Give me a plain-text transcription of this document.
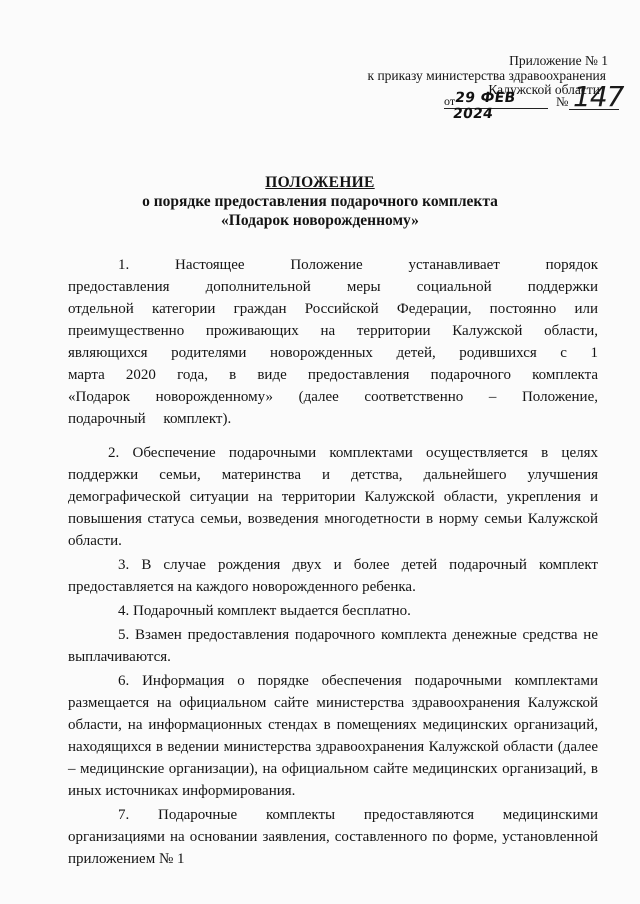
Приложение № 1
к приказу министерства здравоохранения
Калужской области
от
29 ФЕВ 2024
№ 147
ПОЛОЖЕНИЕ
о порядке предоставления подарочного комплекта
«Подарок новорожденному»

1. Настоящее Положение устанавливает порядок предоставления дополнительной меры социальной поддержки отдельной категории граждан Российской Федерации, постоянно или преимущественно проживающих на территории Калужской области, являющихся родителями новорожденных детей, родившихся с 1 марта 2020 года, в виде предоставления подарочного комплекта «Подарок новорожденному» (далее соответственно – Положение, подарочный комплект).

2. Обеспечение подарочными комплектами осуществляется в целях поддержки семьи, материнства и детства, дальнейшего улучшения демографической ситуации на территории Калужской области, укрепления и повышения статуса семьи, возведения многодетности в норму семьи Калужской области.

3. В случае рождения двух и более детей подарочный комплект предоставляется на каждого новорожденного ребенка.

4. Подарочный комплект выдается бесплатно.

5. Взамен предоставления подарочного комплекта денежные средства не выплачиваются.

6. Информация о порядке обеспечения подарочными комплектами размещается на официальном сайте министерства здравоохранения Калужской области, на информационных стендах в помещениях медицинских организаций, находящихся в ведении министерства здравоохранения Калужской области (далее – медицинские организации), на официальном сайте медицинских организаций, в иных источниках информирования.

7. Подарочные комплекты предоставляются медицинскими организациями на основании заявления, составленного по форме, установленной приложением № 1
